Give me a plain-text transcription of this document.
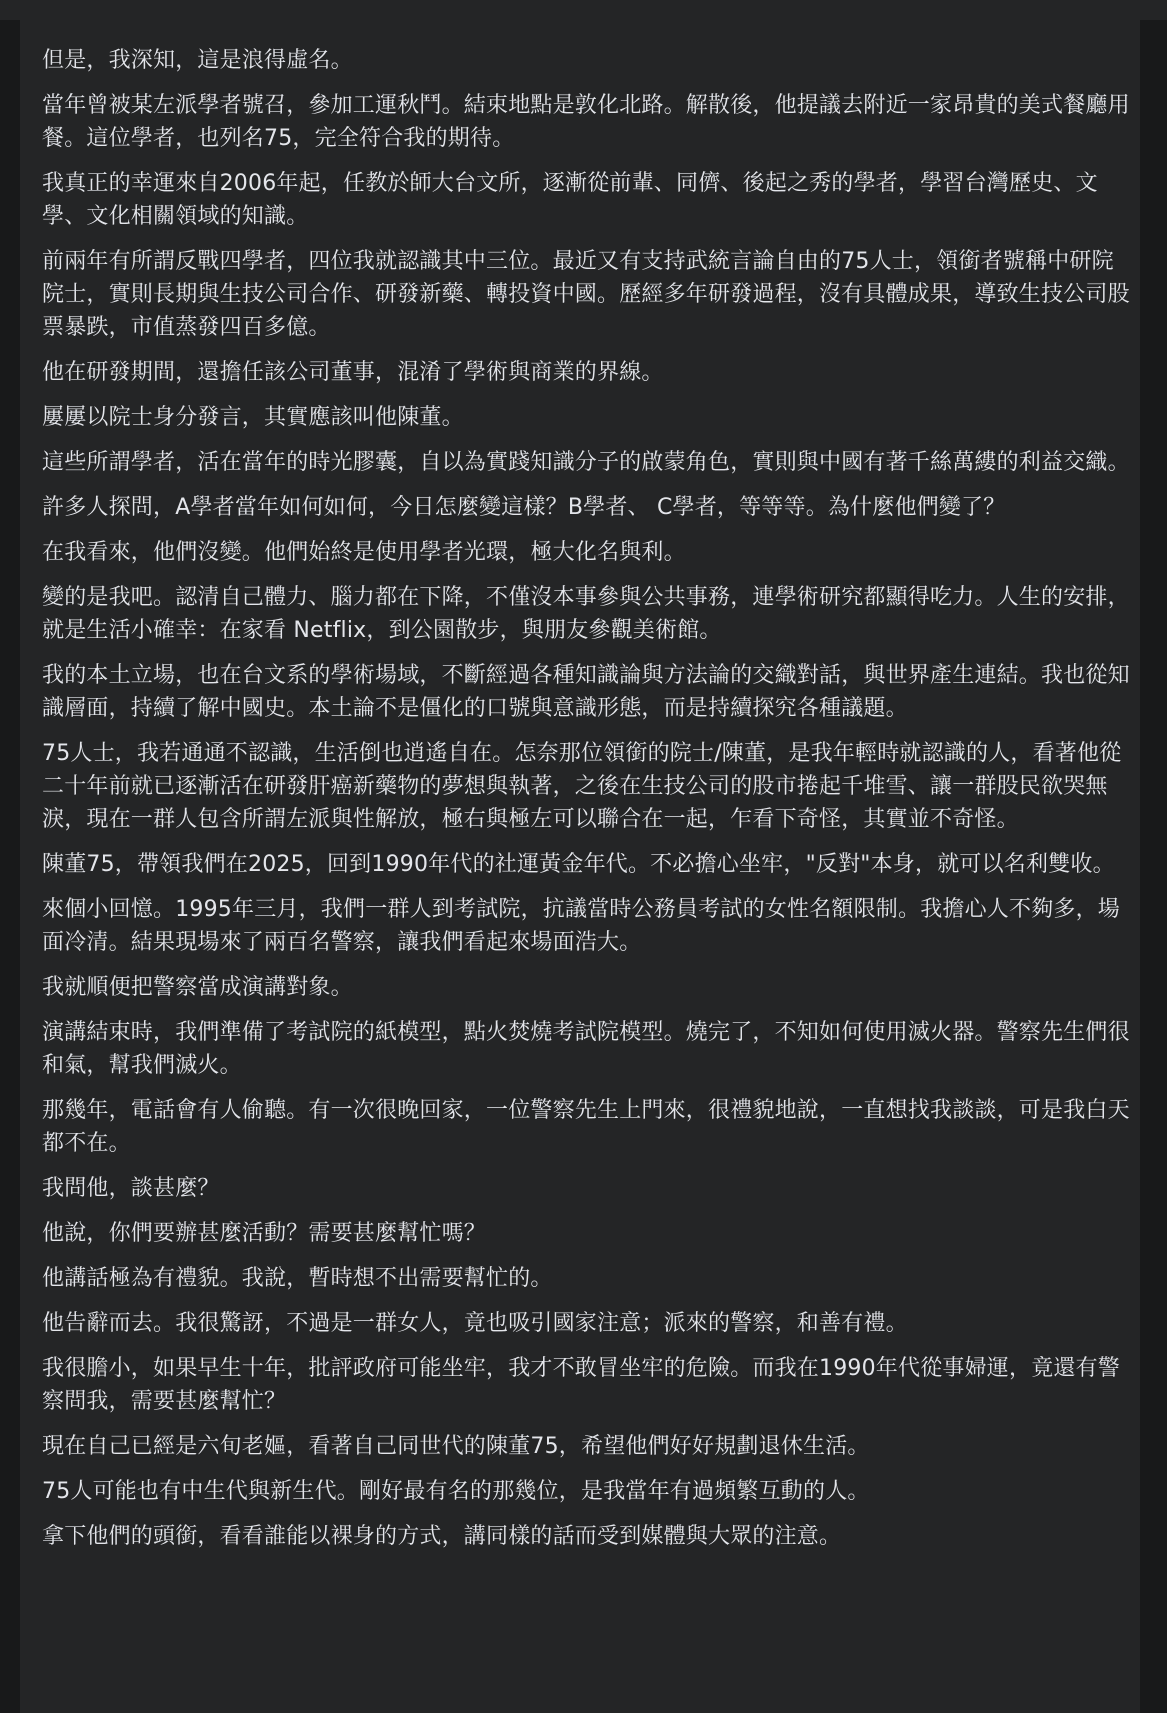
但是，我深知，這是浪得虛名。

當年曾被某左派學者號召，參加工運秋鬥。結束地點是敦化北路。解散後，他提議去附近一家昂貴的美式餐廳用餐。這位學者，也列名75，完全符合我的期待。

我真正的幸運來自2006年起，任教於師大台文所，逐漸從前輩、同儕、後起之秀的學者，學習台灣歷史、文學、文化相關領域的知識。

前兩年有所謂反戰四學者，四位我就認識其中三位。最近又有支持武統言論自由的75人士，領銜者號稱中研院院士，實則長期與生技公司合作、研發新藥、轉投資中國。歷經多年研發過程，沒有具體成果，導致生技公司股票暴跌，市值蒸發四百多億。

他在研發期間，還擔任該公司董事，混淆了學術與商業的界線。

屢屢以院士身分發言，其實應該叫他陳董。

這些所謂學者，活在當年的時光膠囊，自以為實踐知識分子的啟蒙角色，實則與中國有著千絲萬縷的利益交織。

許多人探問，A學者當年如何如何，今日怎麼變這樣？B學者、 C學者，等等等。為什麼他們變了？

在我看來，他們沒變。他們始終是使用學者光環，極大化名與利。

變的是我吧。認清自己體力、腦力都在下降，不僅沒本事參與公共事務，連學術研究都顯得吃力。人生的安排，就是生活小確幸：在家看 Netflix，到公園散步，與朋友參觀美術館。

我的本土立場，也在台文系的學術場域，不斷經過各種知識論與方法論的交織對話，與世界產生連結。我也從知識層面，持續了解中國史。本土論不是僵化的口號與意識形態，而是持續探究各種議題。

75人士，我若通通不認識，生活倒也逍遙自在。怎奈那位領銜的院士/陳董，是我年輕時就認識的人，看著他從二十年前就已逐漸活在研發肝癌新藥物的夢想與執著，之後在生技公司的股市捲起千堆雪、讓一群股民欲哭無淚，現在一群人包含所謂左派與性解放，極右與極左可以聯合在一起，乍看下奇怪，其實並不奇怪。

陳董75，帶領我們在2025，回到1990年代的社運黃金年代。不必擔心坐牢，"反對"本身，就可以名利雙收。

來個小回憶。1995年三月，我們一群人到考試院，抗議當時公務員考試的女性名額限制。我擔心人不夠多，場面冷清。結果現場來了兩百名警察，讓我們看起來場面浩大。

我就順便把警察當成演講對象。

演講結束時，我們準備了考試院的紙模型，點火焚燒考試院模型。燒完了，不知如何使用滅火器。警察先生們很和氣，幫我們滅火。

那幾年，電話會有人偷聽。有一次很晚回家，一位警察先生上門來，很禮貌地說，一直想找我談談，可是我白天都不在。

我問他，談甚麼？

他說，你們要辦甚麼活動？需要甚麼幫忙嗎？

他講話極為有禮貌。我說，暫時想不出需要幫忙的。

他告辭而去。我很驚訝，不過是一群女人，竟也吸引國家注意；派來的警察，和善有禮。

我很膽小，如果早生十年，批評政府可能坐牢，我才不敢冒坐牢的危險。而我在1990年代從事婦運，竟還有警察問我，需要甚麼幫忙？

現在自己已經是六旬老嫗，看著自己同世代的陳董75，希望他們好好規劃退休生活。

75人可能也有中生代與新生代。剛好最有名的那幾位，是我當年有過頻繁互動的人。

拿下他們的頭銜，看看誰能以裸身的方式，講同樣的話而受到媒體與大眾的注意。
